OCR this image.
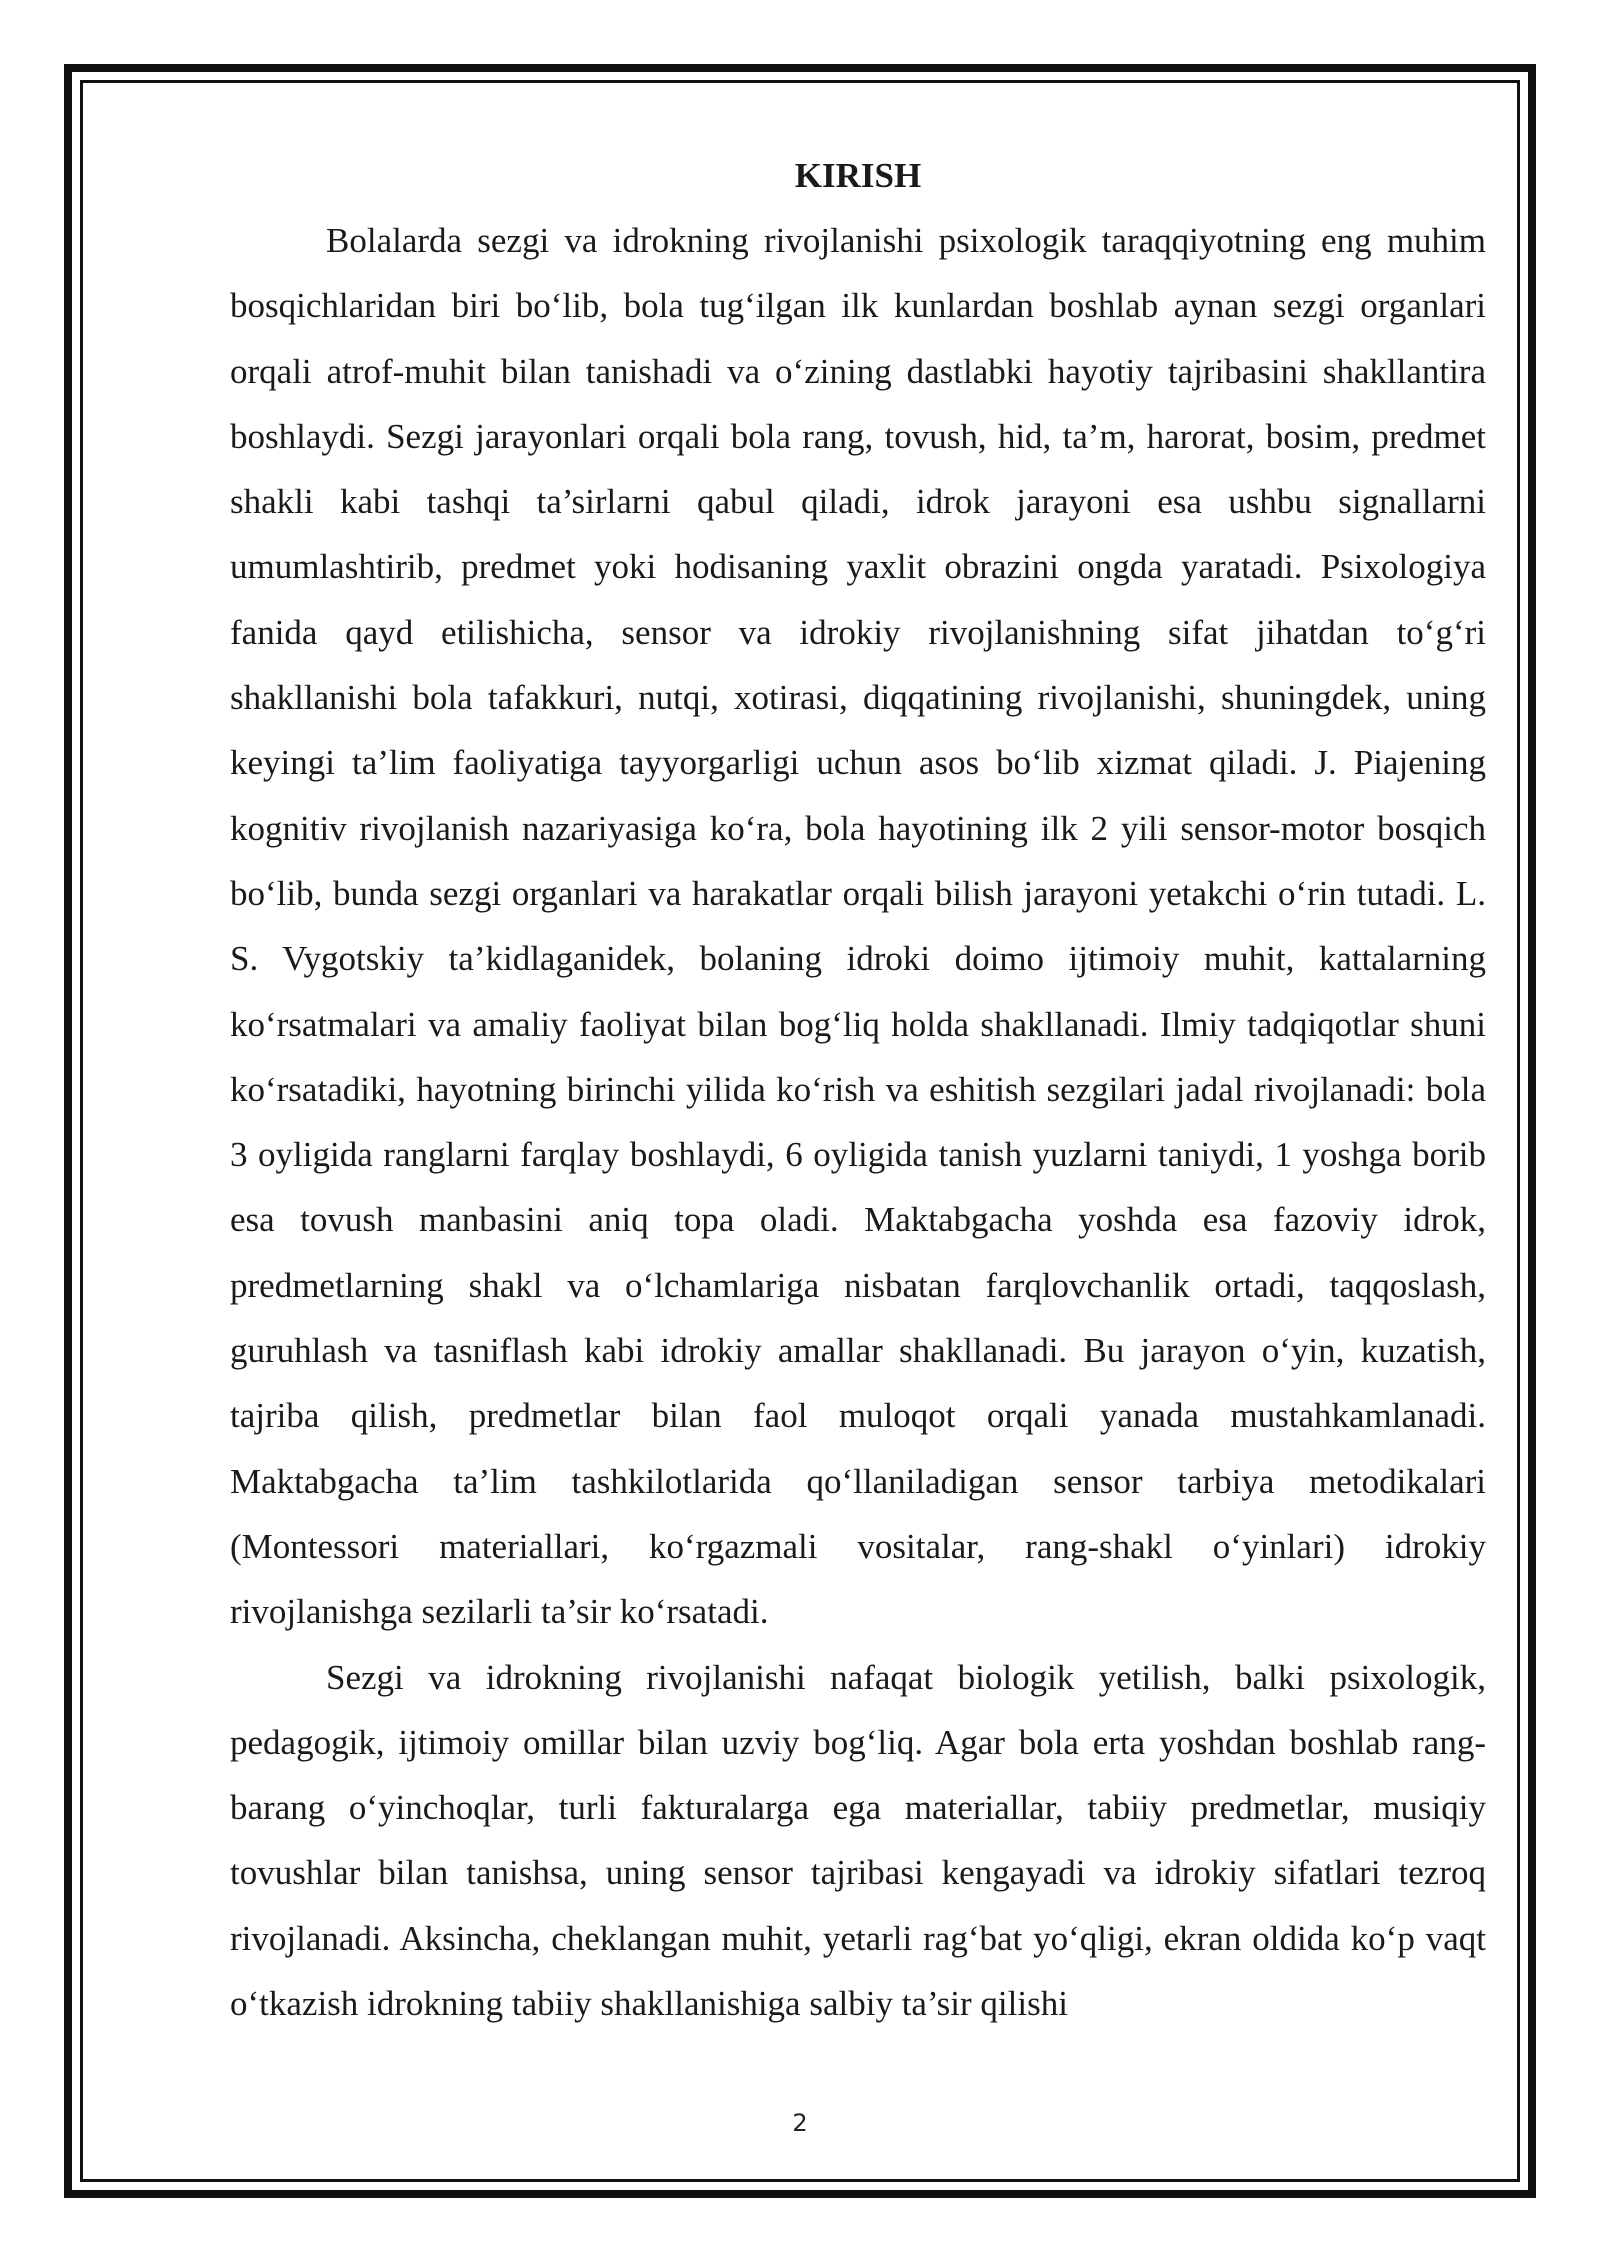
KIRISH

Bolalarda sezgi va idrokning rivojlanishi psixologik taraqqiyotning eng muhim bosqichlaridan biri bo‘lib, bola tug‘ilgan ilk kunlardan boshlab aynan sezgi organlari orqali atrof-muhit bilan tanishadi va o‘zining dastlabki hayotiy tajribasini shakllantira boshlaydi. Sezgi jarayonlari orqali bola rang, tovush, hid, ta’m, harorat, bosim, predmet shakli kabi tashqi ta’sirlarni qabul qiladi, idrok jarayoni esa ushbu signallarni umumlashtirib, predmet yoki hodisaning yaxlit obrazini ongda yaratadi. Psixologiya fanida qayd etilishicha, sensor va idrokiy rivojlanishning sifat jihatdan to‘g‘ri shakllanishi bola tafakkuri, nutqi, xotirasi, diqqatining rivojlanishi, shuningdek, uning keyingi ta’lim faoliyatiga tayyorgarligi uchun asos bo‘lib xizmat qiladi. J. Piajening kognitiv rivojlanish nazariyasiga ko‘ra, bola hayotining ilk 2 yili sensor-motor bosqich bo‘lib, bunda sezgi organlari va harakatlar orqali bilish jarayoni yetakchi o‘rin tutadi. L. S. Vygotskiy ta’kidlaganidek, bolaning idroki doimo ijtimoiy muhit, kattalarning ko‘rsatmalari va amaliy faoliyat bilan bog‘liq holda shakllanadi. Ilmiy tadqiqotlar shuni ko‘rsatadiki, hayotning birinchi yilida ko‘rish va eshitish sezgilari jadal rivojlanadi: bola 3 oyligida ranglarni farqlay boshlaydi, 6 oyligida tanish yuzlarni taniydi, 1 yoshga borib esa tovush manbasini aniq topa oladi. Maktabgacha yoshda esa fazoviy idrok, predmetlarning shakl va o‘lchamlariga nisbatan farqlovchanlik ortadi, taqqoslash, guruhlash va tasniflash kabi idrokiy amallar shakllanadi. Bu jarayon o‘yin, kuzatish, tajriba qilish, predmetlar bilan faol muloqot orqali yanada mustahkamlanadi. Maktabgacha ta’lim tashkilotlarida qo‘llaniladigan sensor tarbiya metodikalari (Montessori materiallari, ko‘rgazmali vositalar, rang-shakl o‘yinlari) idrokiy rivojlanishga sezilarli ta’sir ko‘rsatadi.

Sezgi va idrokning rivojlanishi nafaqat biologik yetilish, balki psixologik, pedagogik, ijtimoiy omillar bilan uzviy bog‘liq. Agar bola erta yoshdan boshlab rang-barang o‘yinchoqlar, turli fakturalarga ega materiallar, tabiiy predmetlar, musiqiy tovushlar bilan tanishsa, uning sensor tajribasi kengayadi va idrokiy sifatlari tezroq rivojlanadi. Aksincha, cheklangan muhit, yetarli rag‘bat yo‘qligi, ekran oldida ko‘p vaqt o‘tkazish idrokning tabiiy shakllanishiga salbiy ta’sir qilishi

2
